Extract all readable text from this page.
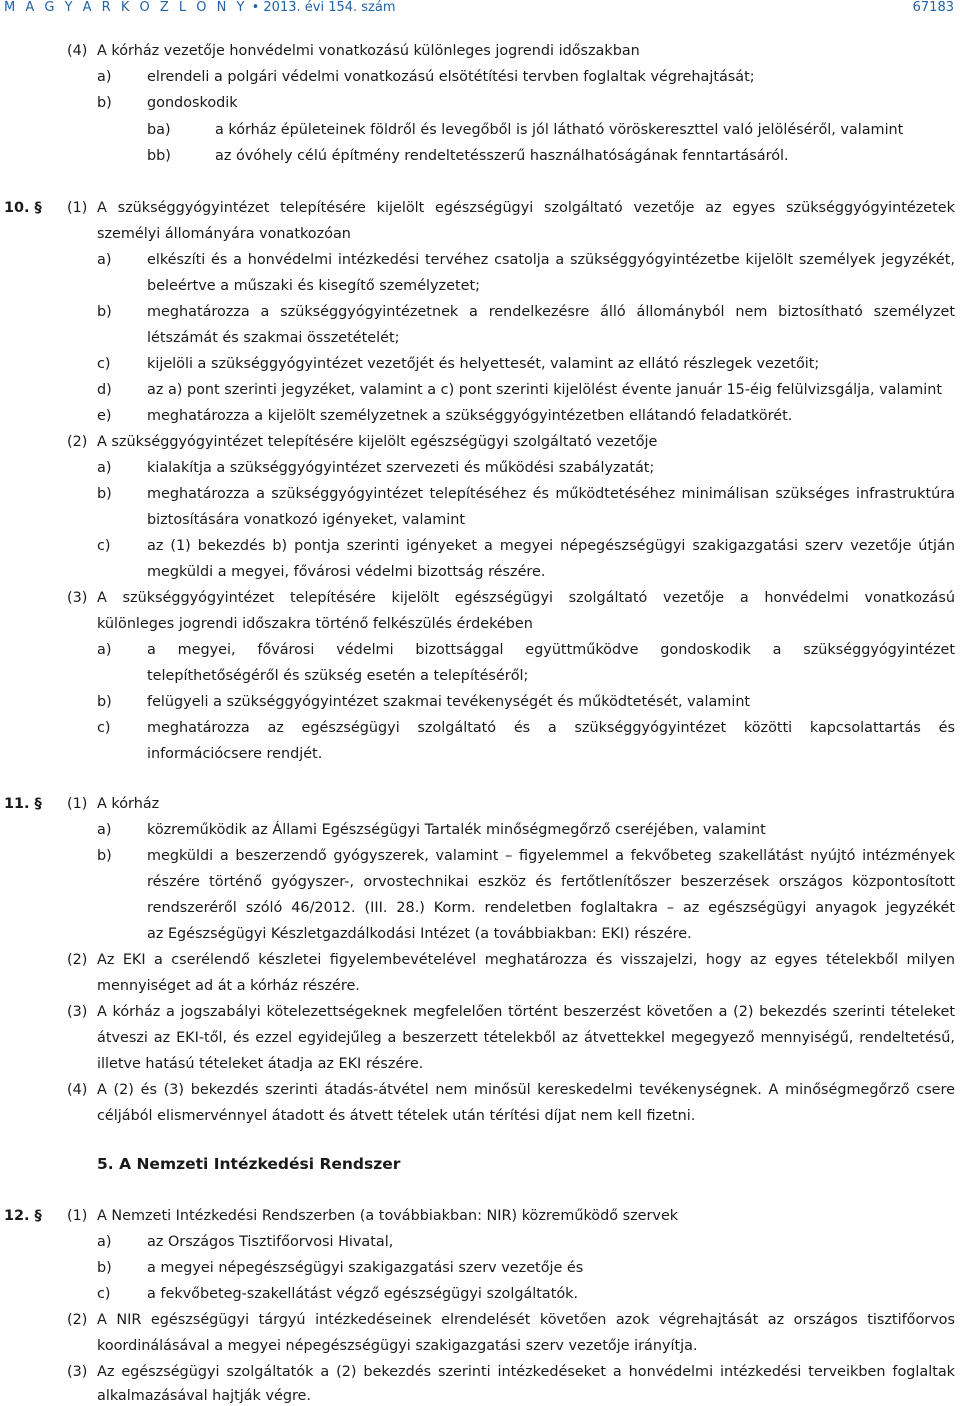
M A G Y A R K Ö Z L Ö N Y • 2013. évi 154. szám	67183
(4) A kórház vezetője honvédelmi vonatkozású különleges jogrendi időszakban
a) elrendeli a polgári védelmi vonatkozású elsötétítési tervben foglaltak végrehajtását;
b) gondoskodik
ba)	a kórház épületeinek földről és levegőből is jól látható vöröskereszttel való jelöléséről, valamint
bb)	az óvóhely célú építmény rendeltetésszerű használhatóságának fenntartásáról.
10. § (1) A szükséggyógyintézet telepítésére kijelölt egészségügyi szolgáltató vezetője az egyes szükséggyógyintézetek
személyi állományára vonatkozóan
a) elkészíti és a honvédelmi intézkedési tervéhez csatolja a szükséggyógyintézetbe kijelölt személyek jegyzékét,
beleértve a műszaki és kisegítő személyzetet;
b) meghatározza a szükséggyógyintézetnek a rendelkezésre álló állományból nem biztosítható személyzet
létszámát és szakmai összetételét;
c)	kijelöli a szükséggyógyintézet vezetőjét és helyettesét, valamint az ellátó részlegek vezetőit;
d) az a) pont szerinti jegyzéket, valamint a c) pont szerinti kijelölést évente január 15-éig felülvizsgálja, valamint
e) meghatározza a kijelölt személyzetnek a szükséggyógyintézetben ellátandó feladatkörét.
(2) A szükséggyógyintézet telepítésére kijelölt egészségügyi szolgáltató vezetője
a) kialakítja a szükséggyógyintézet szervezeti és működési szabályzatát;
b) meghatározza a szükséggyógyintézet telepítéséhez és működtetéséhez minimálisan szükséges infrastruktúra
biztosítására vonatkozó igényeket, valamint
c)	az (1) bekezdés b) pontja szerinti igényeket a megyei népegészségügyi szakigazgatási szerv vezetője útján
megküldi a megyei, fővárosi védelmi bizottság részére.
(3) A szükséggyógyintézet telepítésére kijelölt egészségügyi szolgáltató vezetője a honvédelmi vonatkozású
különleges jogrendi időszakra történő felkészülés érdekében
a) a megyei, fővárosi védelmi bizottsággal együttműködve gondoskodik a szükséggyógyintézet
telepíthetőségéről és szükség esetén a telepítéséről;
b) felügyeli a szükséggyógyintézet szakmai tevékenységét és működtetését, valamint
c)	meghatározza az egészségügyi szolgáltató és a szükséggyógyintézet közötti kapcsolattartás és
információcsere rendjét.
11. § (1) A kórház
a) közreműködik az Állami Egészségügyi Tartalék minőségmegőrző cseréjében, valamint
b) megküldi a beszerzendő gyógyszerek, valamint – figyelemmel a fekvőbeteg szakellátást nyújtó intézmények
részére történő gyógyszer-, orvostechnikai eszköz és fertőtlenítőszer beszerzések országos központosított
rendszeréről szóló 46/2012. (III. 28.) Korm. rendeletben foglaltakra – az egészségügyi anyagok jegyzékét
az Egészségügyi Készletgazdálkodási Intézet (a továbbiakban: EKI) részére.
(2) Az EKI a cserélendő készletei figyelembevételével meghatározza és visszajelzi, hogy az egyes tételekből milyen
mennyiséget ad át a kórház részére.
(3) A kórház a jogszabályi kötelezettségeknek megfelelően történt beszerzést követően a (2) bekezdés szerinti tételeket
átveszi az EKI-től, és ezzel egyidejűleg a beszerzett tételekből az átvettekkel megegyező mennyiségű, rendeltetésű,
illetve hatású tételeket átadja az EKI részére.
(4) A (2) és (3) bekezdés szerinti átadás-átvétel nem minősül kereskedelmi tevékenységnek. A minőségmegőrző csere
céljából elismervénnyel átadott és átvett tételek után térítési díjat nem kell fizetni.
5. A Nemzeti Intézkedési Rendszer
12. § (1) A Nemzeti Intézkedési Rendszerben (a továbbiakban: NIR) közreműködő szervek
a) az Országos Tisztifőorvosi Hivatal,
b) a megyei népegészségügyi szakigazgatási szerv vezetője és
c)	a fekvőbeteg-szakellátást végző egészségügyi szolgáltatók.
(2) A NIR egészségügyi tárgyú intézkedéseinek elrendelését követően azok végrehajtását az országos tisztifőorvos
koordinálásával a megyei népegészségügyi szakigazgatási szerv vezetője irányítja.
(3) Az egészségügyi szolgáltatók a (2) bekezdés szerinti intézkedéseket a honvédelmi intézkedési terveikben foglaltak
alkalmazásával hajtják végre.
